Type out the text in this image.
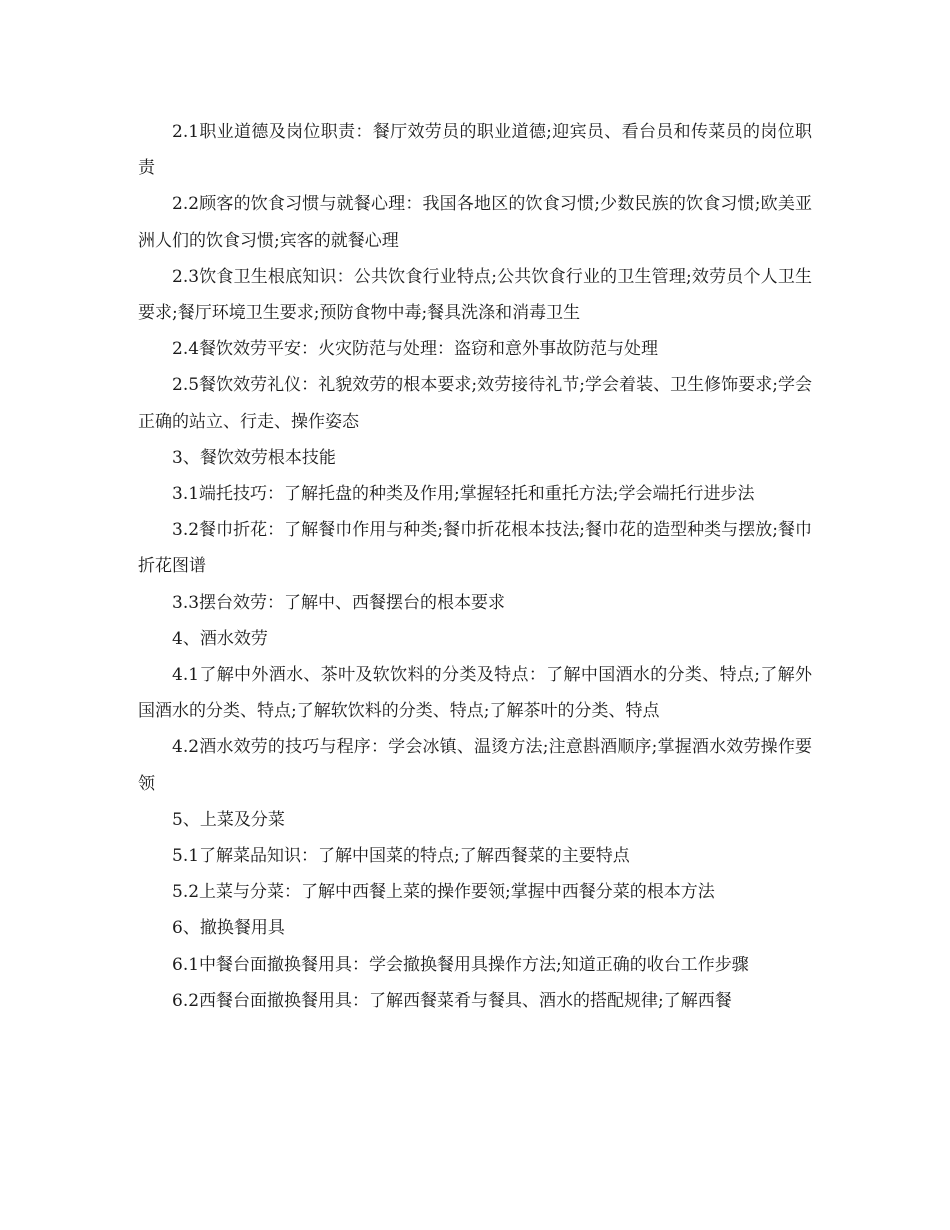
2.1职业道德及岗位职责：餐厅效劳员的职业道德;迎宾员、看台员和传菜员的岗位职责

2.2顾客的饮食习惯与就餐心理：我国各地区的饮食习惯;少数民族的饮食习惯;欧美亚洲人们的饮食习惯;宾客的就餐心理

2.3饮食卫生根底知识：公共饮食行业特点;公共饮食行业的卫生管理;效劳员个人卫生要求;餐厅环境卫生要求;预防食物中毒;餐具洗涤和消毒卫生

2.4餐饮效劳平安：火灾防范与处理：盗窃和意外事故防范与处理

2.5餐饮效劳礼仪：礼貌效劳的根本要求;效劳接待礼节;学会着装、卫生修饰要求;学会正确的站立、行走、操作姿态

3、餐饮效劳根本技能

3.1端托技巧：了解托盘的种类及作用;掌握轻托和重托方法;学会端托行进步法

3.2餐巾折花：了解餐巾作用与种类;餐巾折花根本技法;餐巾花的造型种类与摆放;餐巾折花图谱

3.3摆台效劳：了解中、西餐摆台的根本要求

4、酒水效劳

4.1了解中外酒水、茶叶及软饮料的分类及特点：了解中国酒水的分类、特点;了解外国酒水的分类、特点;了解软饮料的分类、特点;了解茶叶的分类、特点

4.2酒水效劳的技巧与程序：学会冰镇、温烫方法;注意斟酒顺序;掌握酒水效劳操作要领

5、上菜及分菜

5.1了解菜品知识：了解中国菜的特点;了解西餐菜的主要特点

5.2上菜与分菜：了解中西餐上菜的操作要领;掌握中西餐分菜的根本方法

6、撤换餐用具

6.1中餐台面撤换餐用具：学会撤换餐用具操作方法;知道正确的收台工作步骤

6.2西餐台面撤换餐用具：了解西餐菜肴与餐具、酒水的搭配规律;了解西餐
